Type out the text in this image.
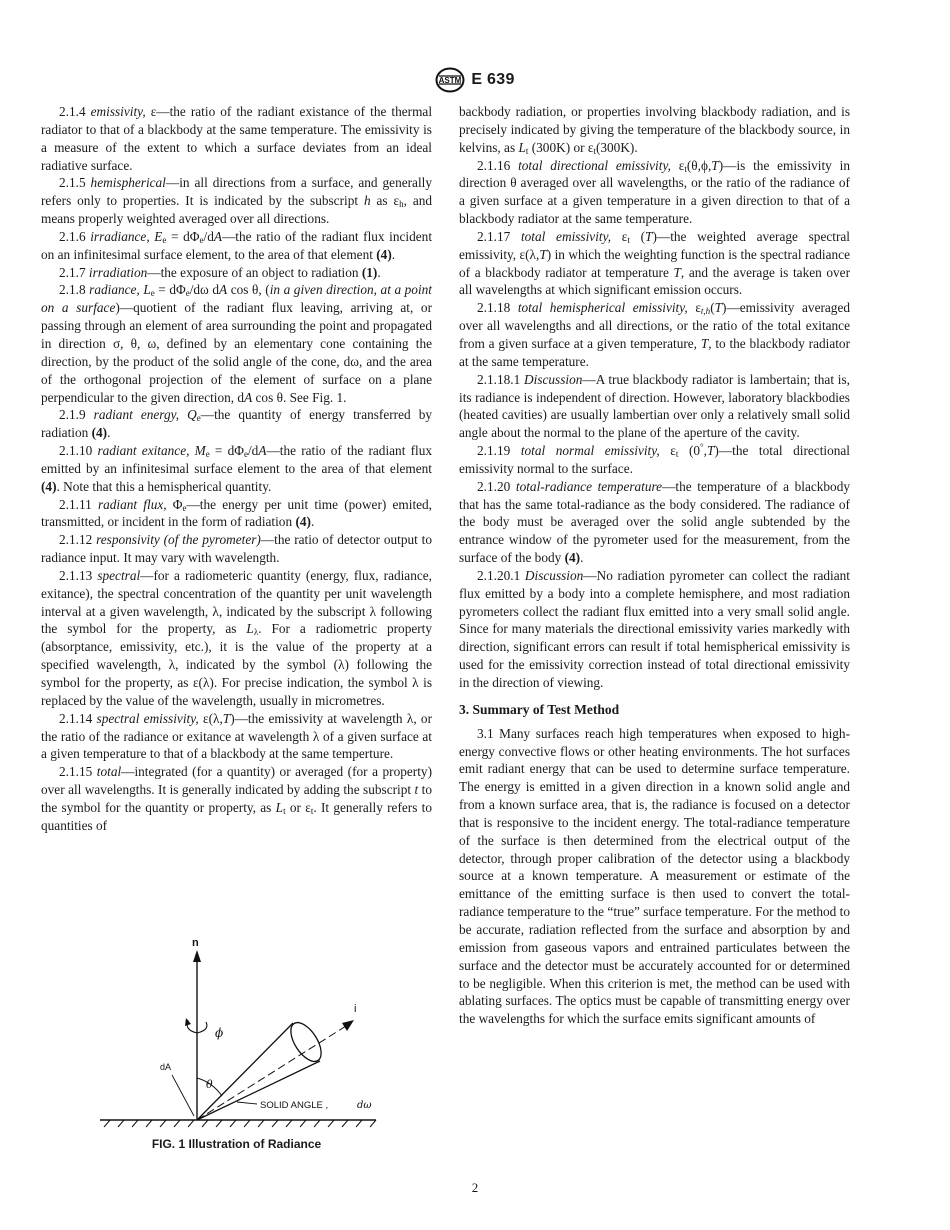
ASTM E 639

2.1.4 emissivity, ε—the ratio of the radiant existance of the thermal radiator to that of a blackbody at the same temperature. The emissivity is a measure of the extent to which a surface deviates from an ideal radiative surface.

2.1.5 hemispherical—in all directions from a surface, and generally refers only to properties. It is indicated by the subscript h as $\varepsilon_h$, and means properly weighted averaged over all directions.

2.1.6 irradiance, $E_e$ = $d\Phi_e/dA—the$ ratio of the radiant flux incident on an infinitesimal surface element, to the area of that element (4).

2.1.7 irradiation—the exposure of an object to radiation (1).

2.1.8 radiance, $L_e = d\Phi_e/d\omega$ dA cos θ, (in a given direction, at a point on a surface)—quotient of the radiant flux leaving, arriving at, or passing through an element of area surrounding the point and propagated in direction σ, θ, ω, defined by an elementary cone containing the direction, by the product of the solid angle of the cone, dω, and the area of the orthogonal projection of the element of surface on a plane perpendicular to the given direction, dA cos θ. See Fig. 1.

2.1.9 radiant energy, $Q_e—the$ quantity of energy transferred by radiation (4).

2.1.10 radiant exitance, $M_e$ = $d\Phi_e/dA—the$ ratio of the radiant flux emitted by an infinitesimal surface element to the area of that element (4). Note that this a hemispherical quantity.

2.1.11 radiant flux, $\Phi_e—the$ energy per unit time (power) emited, transmitted, or incident in the form of radiation (4).

2.1.12 responsivity (of the pyrometer)—the ratio of detector output to radiance input. It may vary with wavelength.

2.1.13 spectral—for a radiometeric quantity (energy, flux, radiance, exitance), the spectral concentration of the quantity per unit wavelength interval at a given wavelength, λ, indicated by the subscript λ following the symbol for the property, as $L_\lambda$. For a radiometric property (absorptance, emissivity, etc.), it is the value of the property at a specified wavelength, λ, indicated by the symbol (λ) following the symbol for the property, as ε(λ). For precise indication, the symbol λ is replaced by the value of the wavelength, usually in micrometres.

2.1.14 spectral emissivity, ε(λ,T)—the emissivity at wavelength λ, or the ratio of the radiance or exitance at wavelength λ of a given surface at a given temperature to that of a blackbody at the same temperture.

2.1.15 total—integrated (for a quantity) or averaged (for a property) over all wavelengths. It is generally indicated by adding the subscript t to the symbol for the quantity or property, as $L_t$ or $\varepsilon_t$. It generally refers to quantities of

n̂
ϕ
i
θ
dA
SOLID ANGLE ,	dω
FIG. 1 Illustration of Radiance

backbody radiation, or properties involving blackbody radiation, and is precisely indicated by giving the temperature of the blackbody source, in kelvins, as $L_t$ (300K) or $\varepsilon_t(300K)$.

2.1.16 total directional emissivity, $\varepsilon_t(\theta,\phi,T)—is$ the emissivity in direction θ averaged over all wavelengths, or the ratio of the radiance of a given surface at a given temperature in a given direction to that of a blackbody radiator at the same temperature.

2.1.17 total emissivity, $\varepsilon_t$ (T)—the weighted average spectral emissivity, ε(λ,T) in which the weighting function is the spectral radiance of a blackbody radiator at temperature T, and the average is taken over all wavelengths at which significant emission occurs.

2.1.18 total hemispherical emissivity, $\varepsilon_{t,h}(T)—emissivity$ averaged over all wavelengths and all directions, or the ratio of the total exitance from a given surface at a given temperature, T, to the blackbody radiator at the same temperature.

2.1.18.1 Discussion—A true blackbody radiator is lambertain; that is, its radiance is independent of direction. However, laboratory blackbodies (heated cavities) are usually lambertian over only a relatively small solid angle about the normal to the plane of the aperture of the cavity.

2.1.19 total normal emissivity, $\varepsilon_t$ (0°,T)—the total directional emissivity normal to the surface.

2.1.20 total-radiance temperature—the temperature of a blackbody that has the same total-radiance as the body considered. The radiance of the body must be averaged over the solid angle subtended by the entrance window of the pyrometer used for the measurement, from the surface of the body (4).

2.1.20.1 Discussion—No radiation pyrometer can collect the radiant flux emitted by a body into a complete hemisphere, and most radiation pyrometers collect the radiant flux emitted into a very small solid angle. Since for many materials the directional emissivity varies markedly with direction, significant errors can result if total hemispherical emissivity is used for the emissivity correction instead of total directional emissivity in the direction of viewing.

3. Summary of Test Method

3.1 Many surfaces reach high temperatures when exposed to high-energy convective flows or other heating environments. The hot surfaces emit radiant energy that can be used to determine surface temperature. The energy is emitted in a given direction in a known solid angle and from a known surface area, that is, the radiance is focused on a detector that is responsive to the incident energy. The total-radiance temperature of the surface is then determined from the electrical output of the detector, through proper calibration of the detector using a blackbody source at a known temperature. A measurement or estimate of the emittance of the emitting surface is then used to convert the total-radiance temperature to the “true” surface temperature. For the method to be accurate, radiation reflected from the surface and absorption by and emission from gaseous vapors and entrained particulates between the surface and the detector must be accurately accounted for or determined to be negligible. When this criterion is met, the method can be used with ablating surfaces. The optics must be capable of transmitting energy over the wavelengths for which the surface emits significant amounts of

2
